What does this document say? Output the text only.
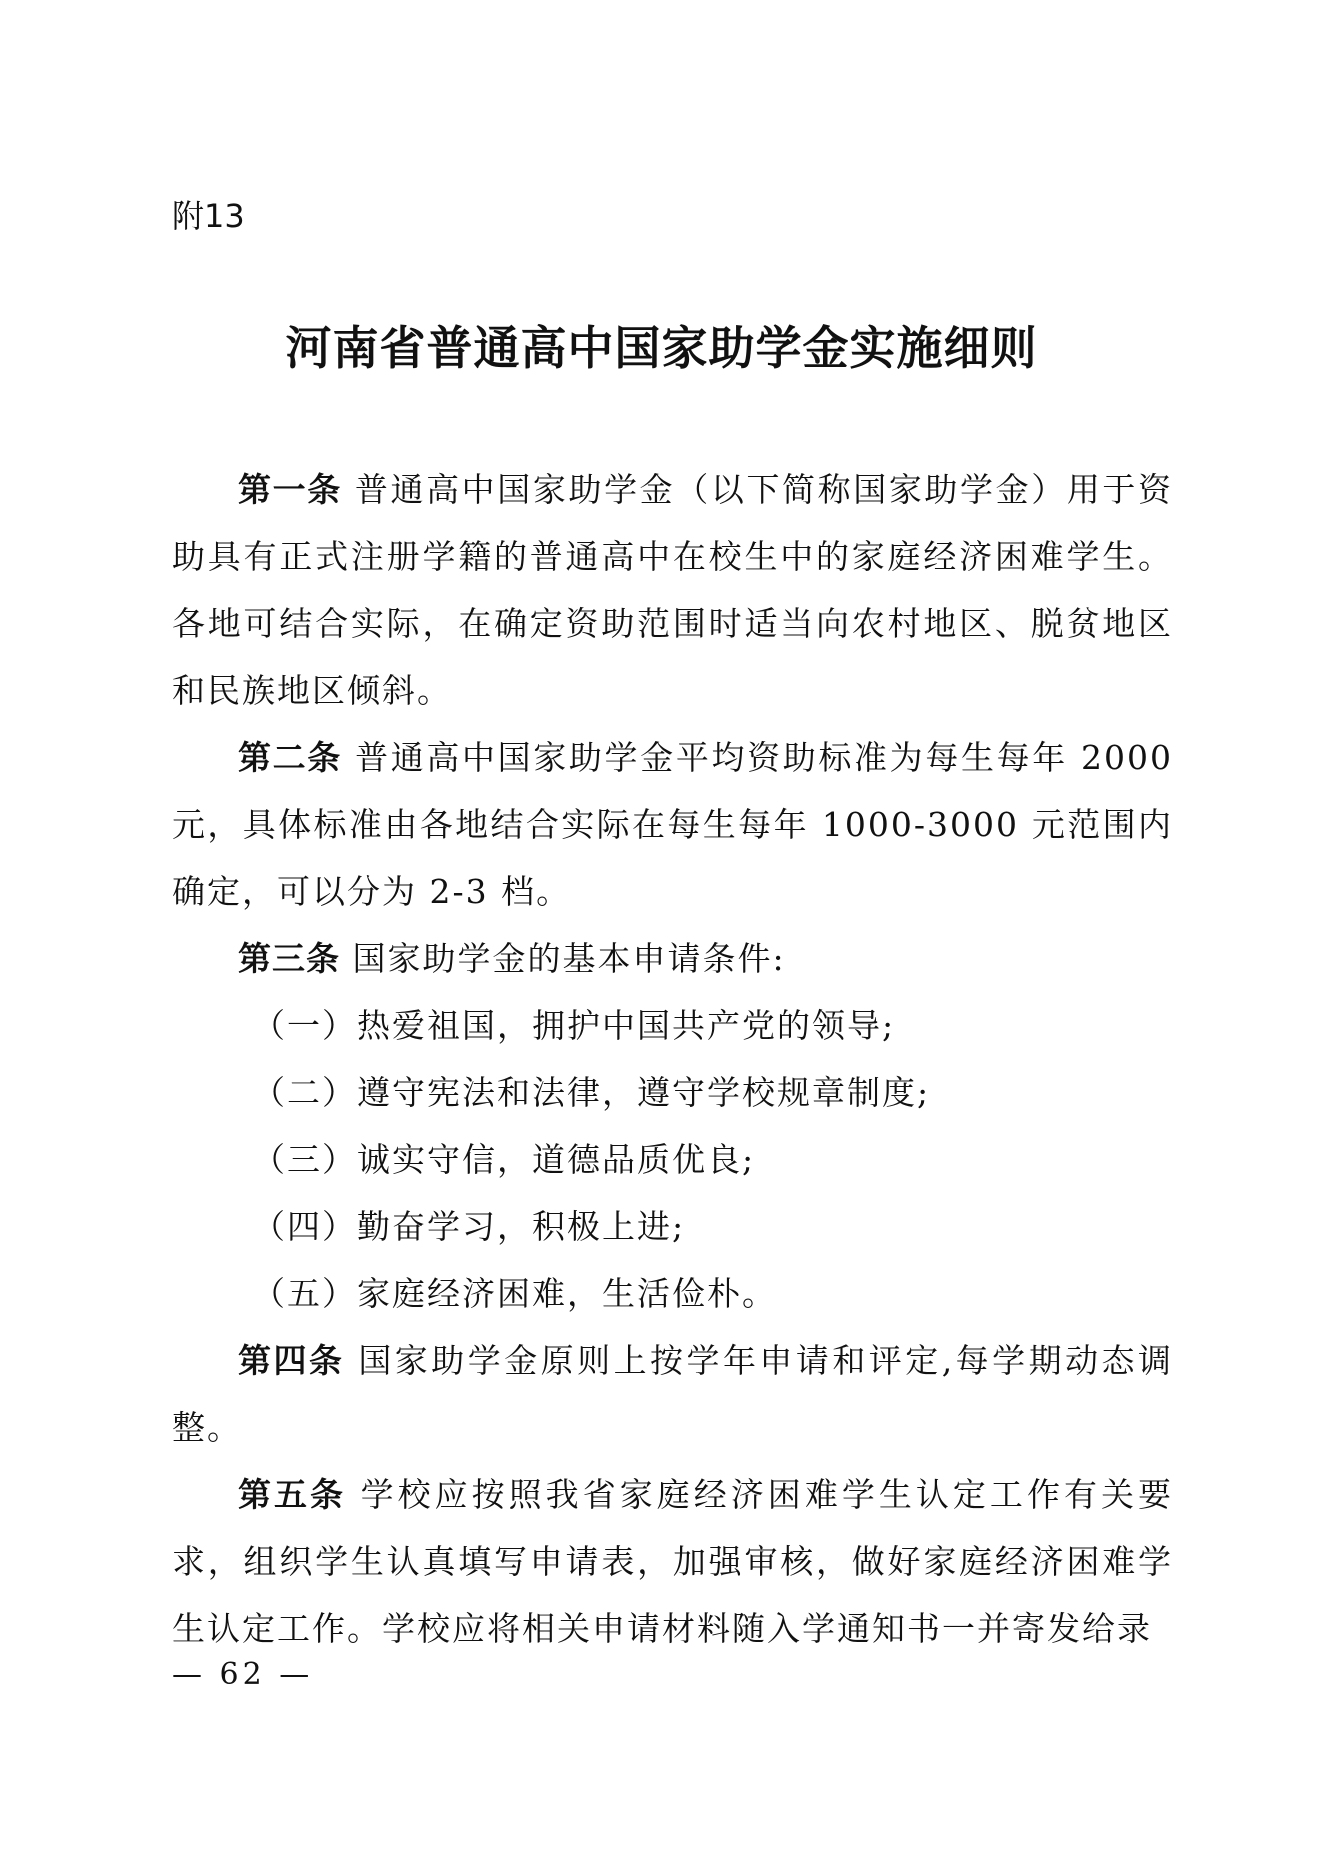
附13
河南省普通高中国家助学金实施细则

第一条 普通高中国家助学金（以下简称国家助学金）用于资助具有正式注册学籍的普通高中在校生中的家庭经济困难学生。各地可结合实际，在确定资助范围时适当向农村地区、脱贫地区和民族地区倾斜。

第二条 普通高中国家助学金平均资助标准为每生每年 2000 元，具体标准由各地结合实际在每生每年 1000-3000 元范围内确定，可以分为 2-3 档。

第三条 国家助学金的基本申请条件:

（一）热爱祖国，拥护中国共产党的领导;

（二）遵守宪法和法律，遵守学校规章制度;

（三）诚实守信，道德品质优良;

（四）勤奋学习，积极上进;

（五）家庭经济困难，生活俭朴。

第四条 国家助学金原则上按学年申请和评定,每学期动态调整。

第五条 学校应按照我省家庭经济困难学生认定工作有关要求，组织学生认真填写申请表，加强审核，做好家庭经济困难学生认定工作。学校应将相关申请材料随入学通知书一并寄发给录

— 62 —
